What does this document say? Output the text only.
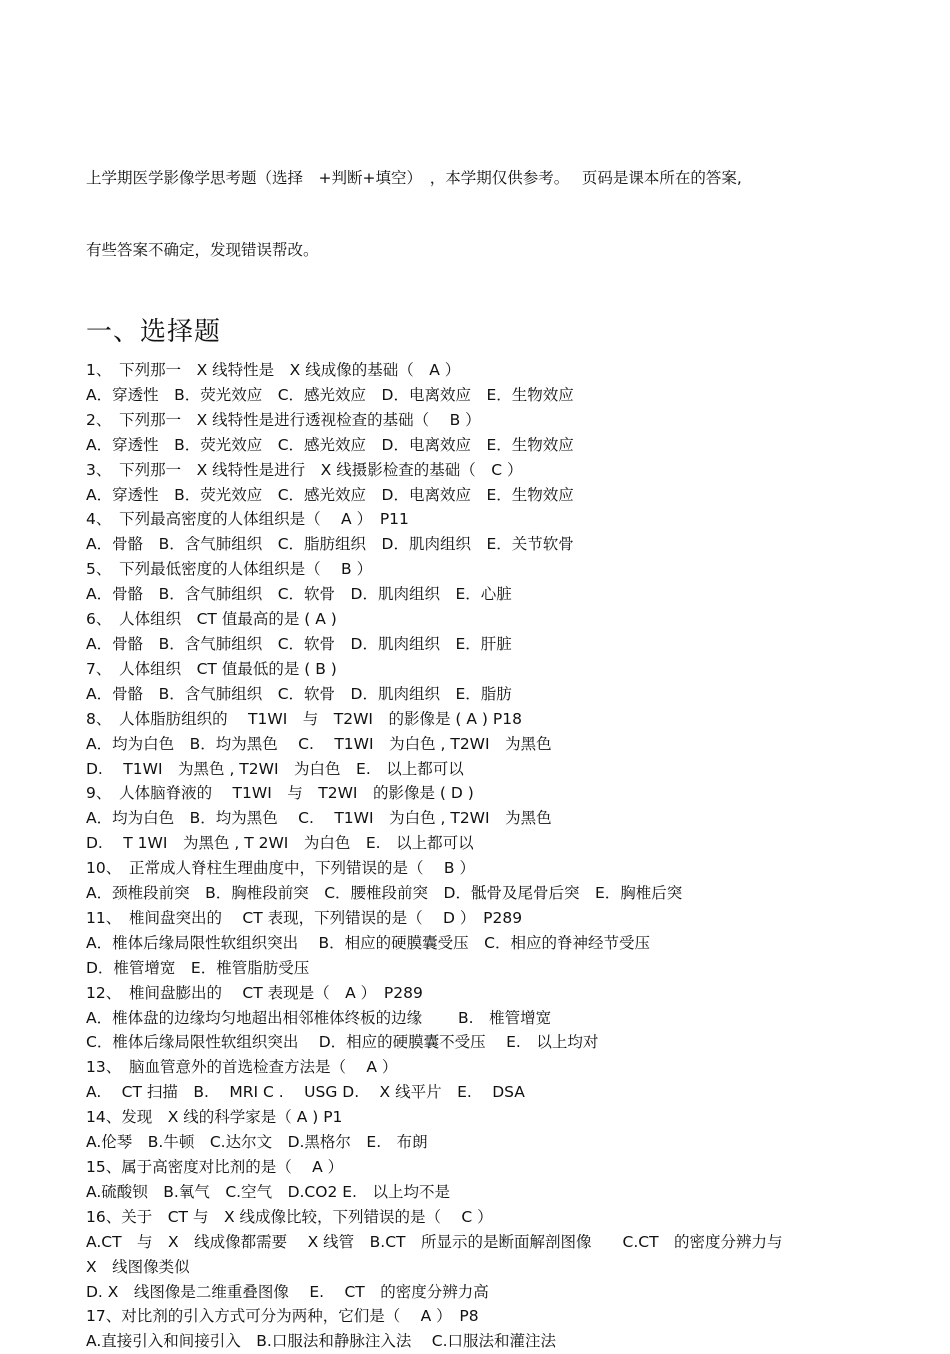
上学期医学影像学思考题（选择　+判断+填空）　，本学期仅供参考。　 页码是课本所在的答案,

有些答案不确定，发现错误帮改。

一、选择题
1、　下列那一　X 线特性是　X 线成像的基础（　A ）
A．穿透性　B．荧光效应　C．感光效应　D．电离效应　E．生物效应
2、　下列那一　X 线特性是进行透视检查的基础（　 B ）
A．穿透性　B．荧光效应　C．感光效应　D．电离效应　E．生物效应
3、　下列那一　X 线特性是进行　X 线摄影检查的基础（　C ）
A．穿透性　B．荧光效应　C．感光效应　D．电离效应　E．生物效应
4、　下列最高密度的人体组织是（　 A ）　P11
A．骨骼　B．含气肺组织　C．脂肪组织　D．肌肉组织　E．关节软骨
5、　下列最低密度的人体组织是（　 B ）
A．骨骼　B．含气肺组织　C．软骨　D．肌肉组织　E．心脏
6、　人体组织　CT 值最高的是 ( A )
A．骨骼　B．含气肺组织　C．软骨　D．肌肉组织　E．肝脏
7、　人体组织　CT 值最低的是 ( B )
A．骨骼　B．含气肺组织　C．软骨　D．肌肉组织　E．脂肪
8、　人体脂肪组织的　 T1WI　与　T2WI　的影像是 ( A ) P18
A．均为白色　B．均为黑色　 C.　 T1WI　为白色 , T2WI　为黑色
D.　 T1WI　为黑色 , T2WI　为白色　E.　以上都可以
9、　人体脑脊液的　 T1WI　与　T2WI　的影像是 ( D )
A．均为白色　B．均为黑色　 C.　 T1WI　为白色 , T2WI　为黑色
D.　 T 1WI　为黑色 , T 2WI　为白色　E.　以上都可以
10、　正常成人脊柱生理曲度中，下列错误的是（　 B ）
A．颈椎段前突　B．胸椎段前突　C．腰椎段前突　D．骶骨及尾骨后突　E．胸椎后突
11、　椎间盘突出的　 CT 表现，下列错误的是（　 D ）　P289
A．椎体后缘局限性软组织突出　 B．相应的硬膜囊受压　C．相应的脊神经节受压
D．椎管增宽　E．椎管脂肪受压
12、　椎间盘膨出的　 CT 表现是（　A ）　P289
A．椎体盘的边缘均匀地超出相邻椎体终板的边缘　　 B.　椎管增宽
C．椎体后缘局限性软组织突出　 D．相应的硬膜囊不受压　 E.　以上均对
13、　脑血管意外的首选检查方法是（　 A ）
A.　 CT 扫描　B.　 MRI C .　 USG D.　 X 线平片　E.　 DSA
14、发现　X 线的科学家是（ A ) P1
A.伦琴　B.牛顿　C.达尔文　D.黑格尔　E.　布朗
15、属于高密度对比剂的是（　 A ）
A.硫酸钡　B.氧气　C.空气　D.CO2 E.　以上均不是
16、关于　CT 与　X 线成像比较，下列错误的是（　 C ）
A.CT　与　X　线成像都需要　 X 线管　B.CT　所显示的是断面解剖图像　　C.CT　的密度分辨力与
X　线图像类似
D. X　线图像是二维重叠图像　 E.　 CT　的密度分辨力高
17、对比剂的引入方式可分为两种，它们是（　 A ）　P8
A.直接引入和间接引入　B.口服法和静脉注入法　 C.口服法和灌注法
